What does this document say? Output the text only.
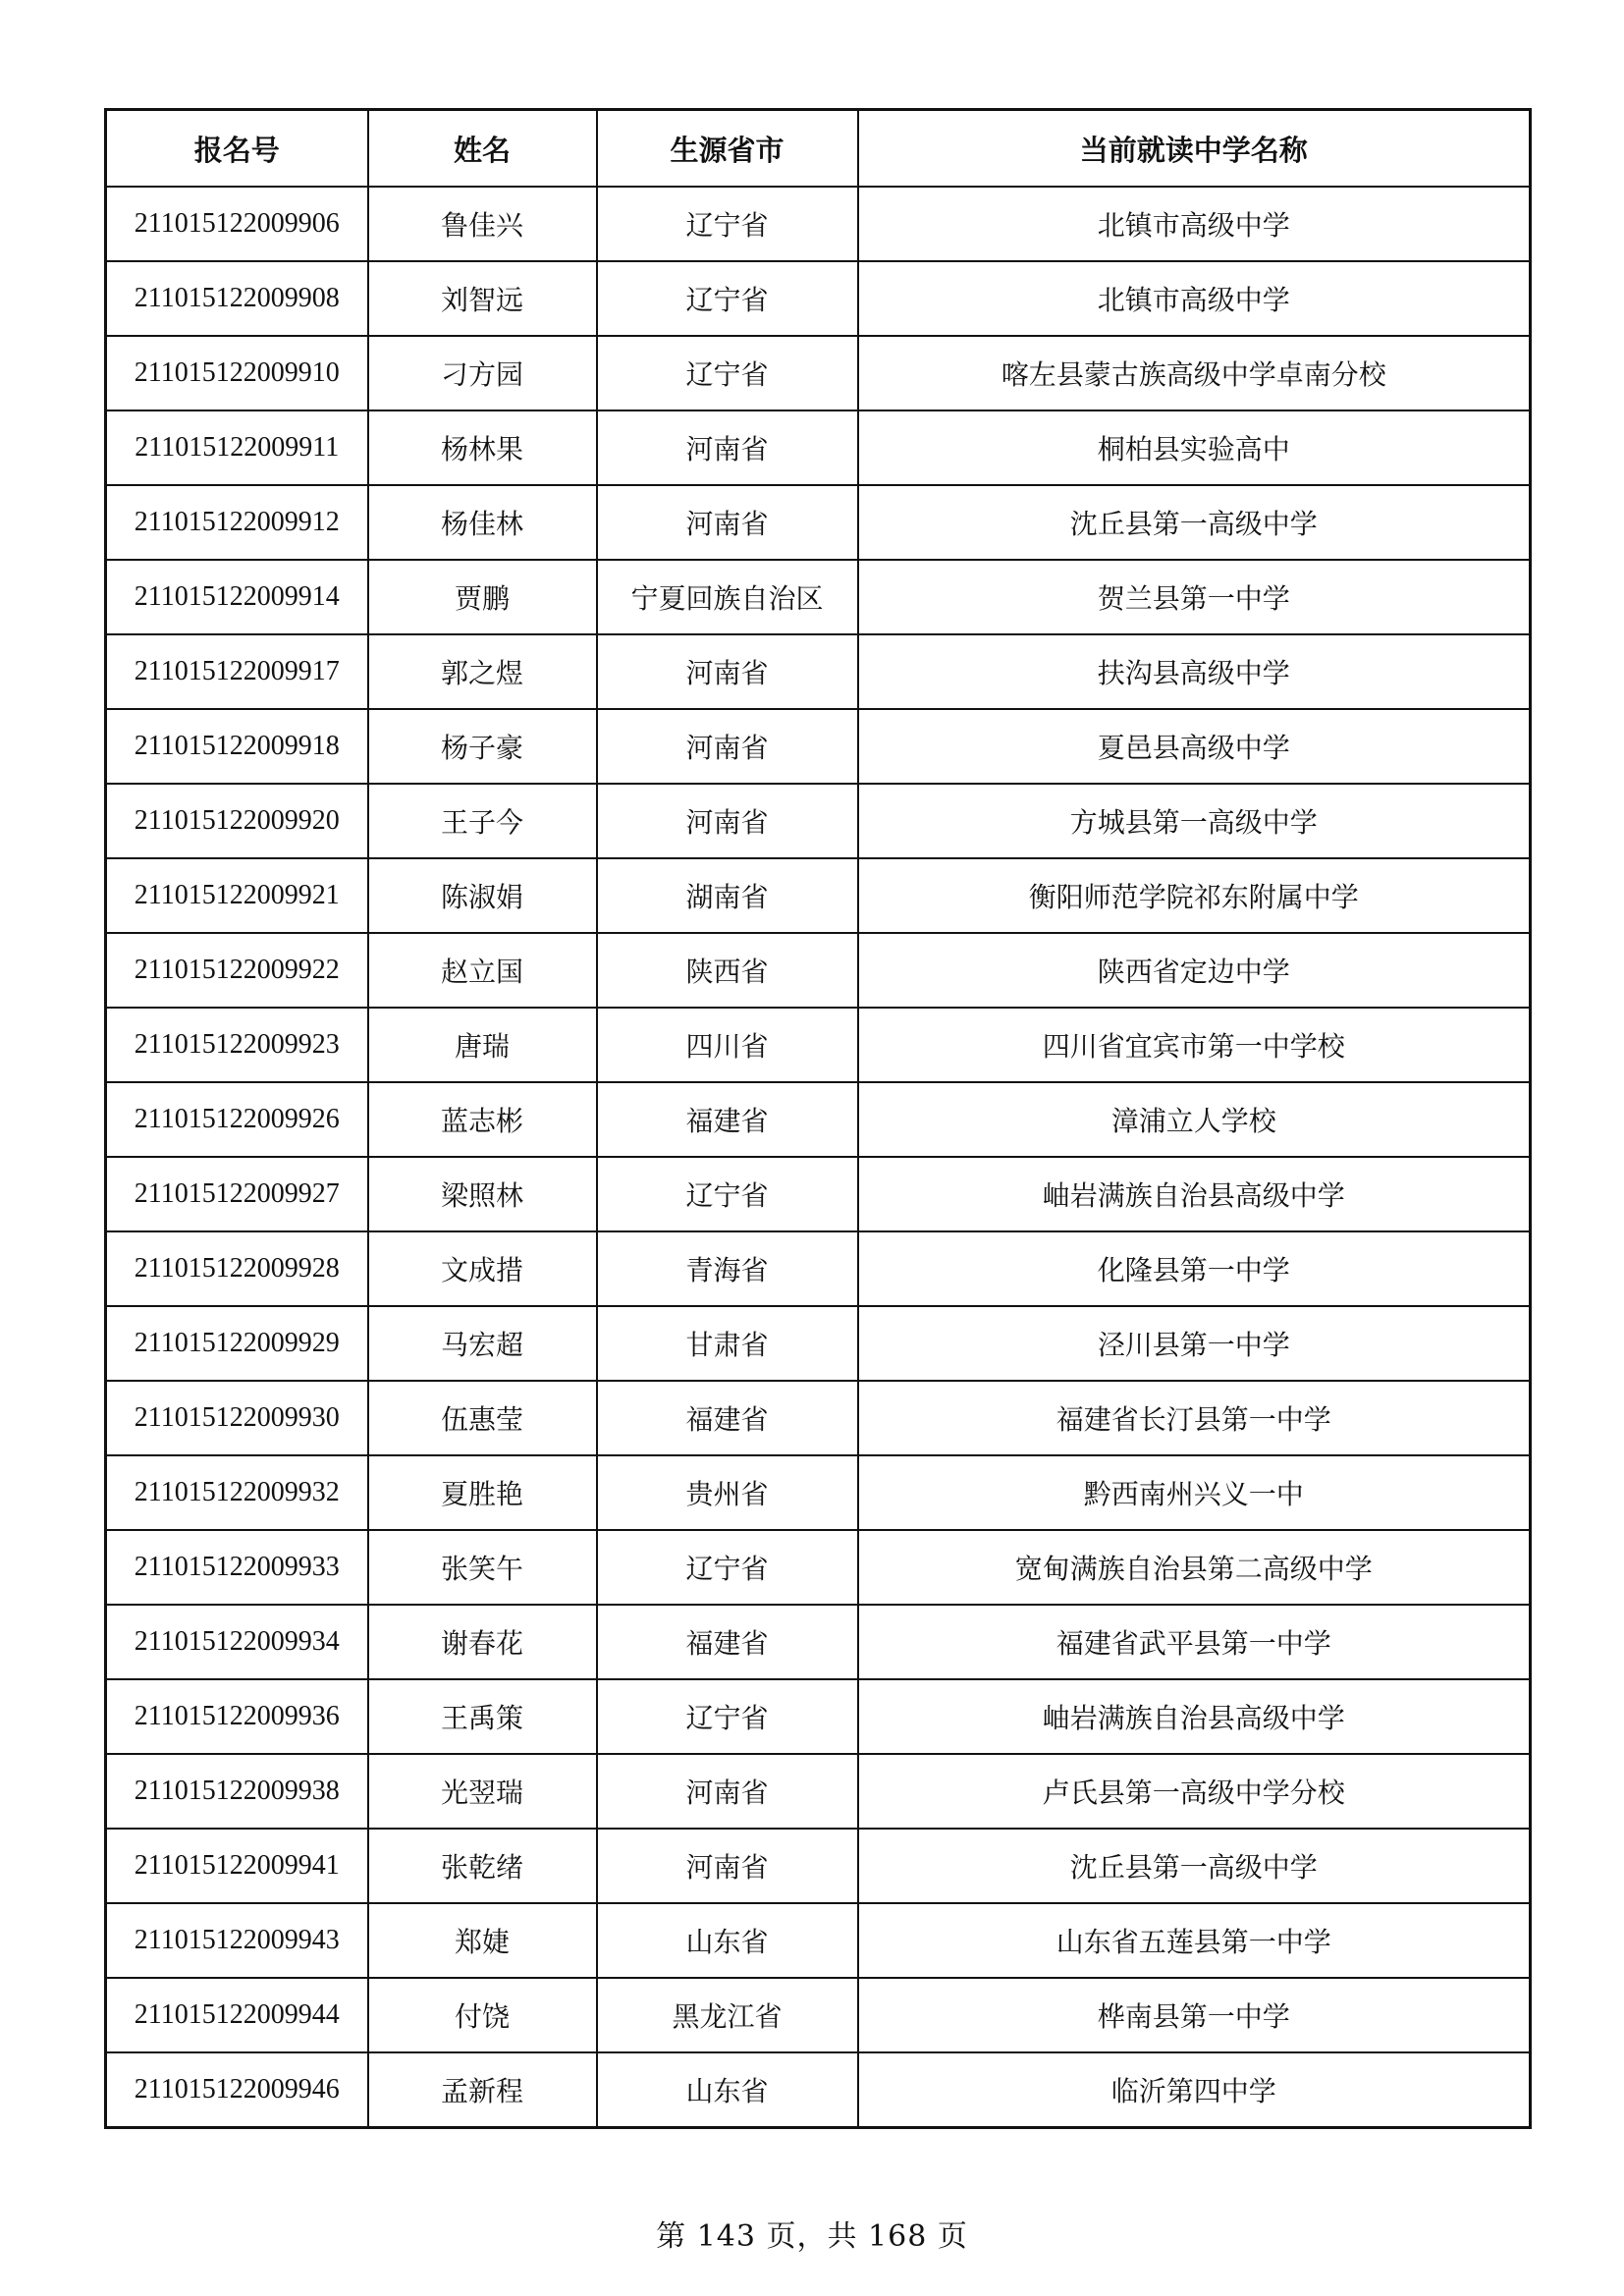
报名号	姓名	生源省市	当前就读中学名称
211015122009906	鲁佳兴	辽宁省	北镇市高级中学
211015122009908	刘智远	辽宁省	北镇市高级中学
211015122009910	刁方园	辽宁省	喀左县蒙古族高级中学卓南分校
211015122009911	杨林果	河南省	桐柏县实验高中
211015122009912	杨佳林	河南省	沈丘县第一高级中学
211015122009914	贾鹏	宁夏回族自治区	贺兰县第一中学
211015122009917	郭之煜	河南省	扶沟县高级中学
211015122009918	杨子豪	河南省	夏邑县高级中学
211015122009920	王子今	河南省	方城县第一高级中学
211015122009921	陈淑娟	湖南省	衡阳师范学院祁东附属中学
211015122009922	赵立国	陕西省	陕西省定边中学
211015122009923	唐瑞	四川省	四川省宜宾市第一中学校
211015122009926	蓝志彬	福建省	漳浦立人学校
211015122009927	梁照林	辽宁省	岫岩满族自治县高级中学
211015122009928	文成措	青海省	化隆县第一中学
211015122009929	马宏超	甘肃省	泾川县第一中学
211015122009930	伍惠莹	福建省	福建省长汀县第一中学
211015122009932	夏胜艳	贵州省	黔西南州兴义一中
211015122009933	张笑午	辽宁省	宽甸满族自治县第二高级中学
211015122009934	谢春花	福建省	福建省武平县第一中学
211015122009936	王禹策	辽宁省	岫岩满族自治县高级中学
211015122009938	光翌瑞	河南省	卢氏县第一高级中学分校
211015122009941	张乾绪	河南省	沈丘县第一高级中学
211015122009943	郑婕	山东省	山东省五莲县第一中学
211015122009944	付饶	黑龙江省	桦南县第一中学
211015122009946	孟新程	山东省	临沂第四中学
第 143 页，共 168 页
